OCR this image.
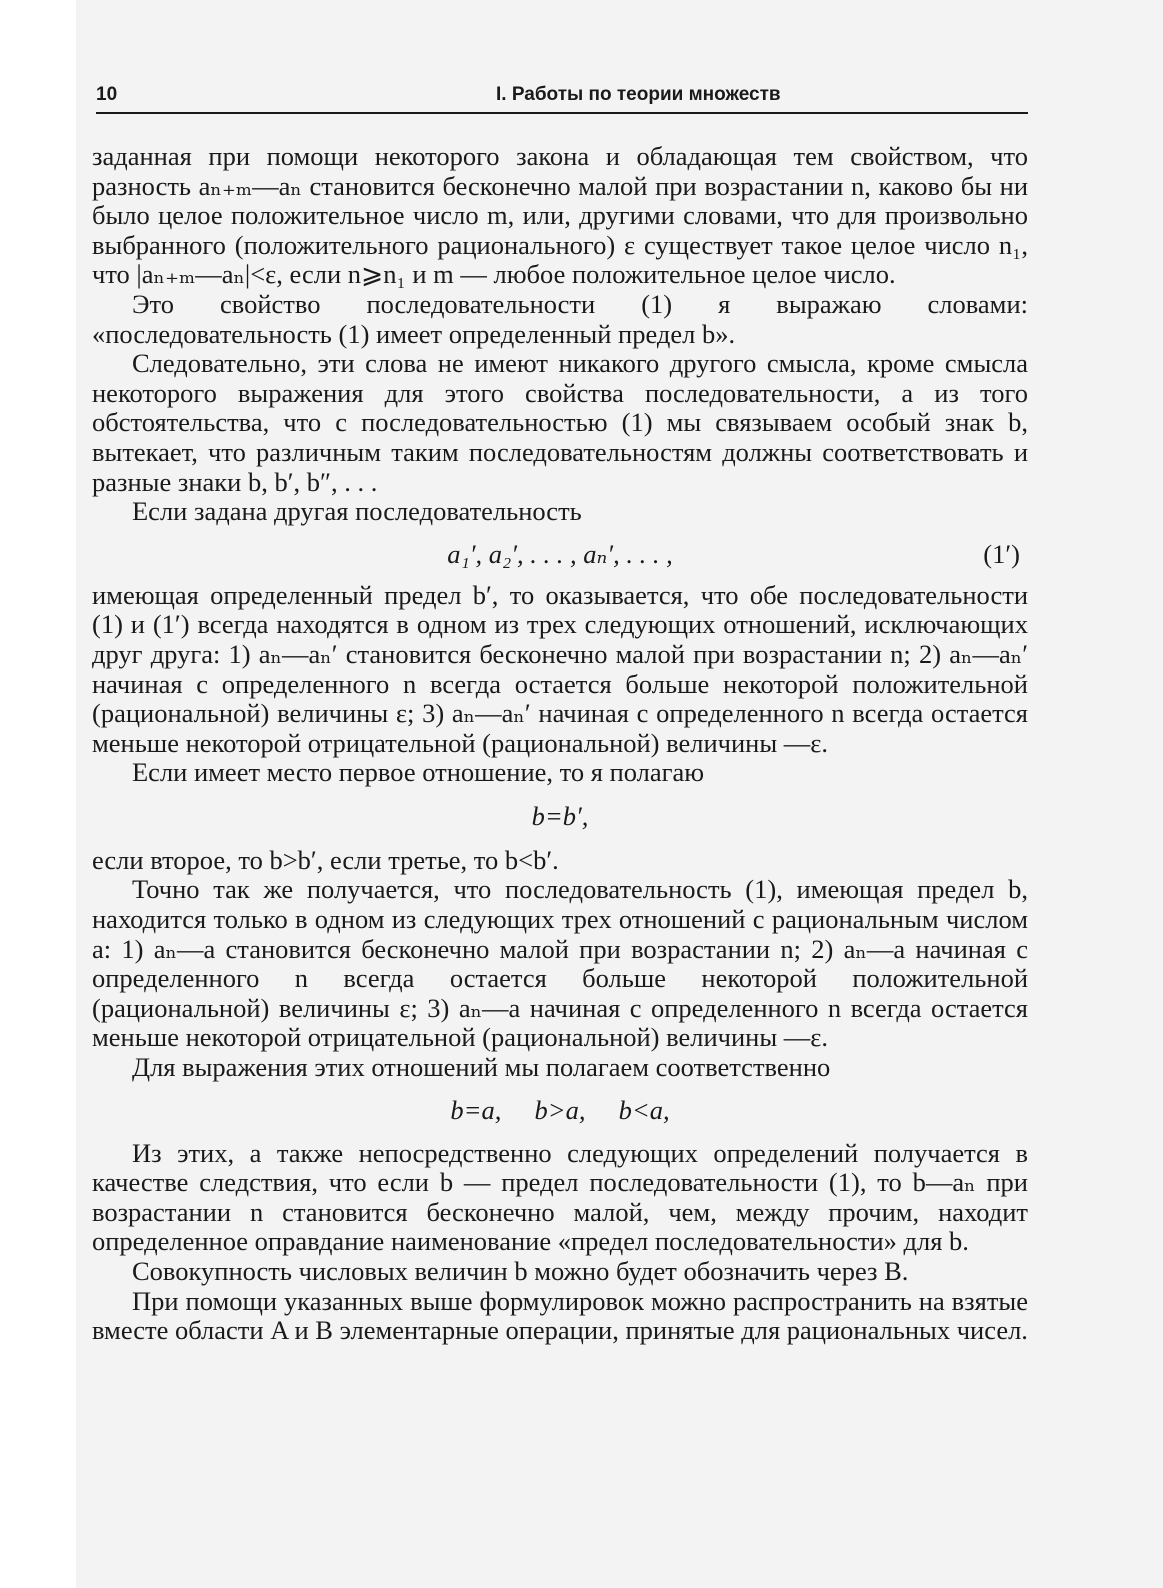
10	I. Работы по теории множеств

заданная при помощи некоторого закона и обладающая тем свойством, что разность aₙ₊ₘ—aₙ становится бесконечно малой при возрастании n, каково бы ни было целое положительное число m, или, другими словами, что для произвольно выбранного (положительного рационального) ε существует такое целое число n₁, что |aₙ₊ₘ—aₙ|<ε, если n⩾n₁ и m — любое положительное целое число.

Это свойство последовательности (1) я выражаю словами: «последовательность (1) имеет определенный предел b».

Следовательно, эти слова не имеют никакого другого смысла, кроме смысла некоторого выражения для этого свойства последовательности, а из того обстоятельства, что с последовательностью (1) мы связываем особый знак b, вытекает, что различным таким последовательностям должны соответствовать и разные знаки b, b′, b″, . . .

Если задана другая последовательность

a₁′, a₂′, . . . , aₙ′, . . . ,	(1′)

имеющая определенный предел b′, то оказывается, что обе последовательности (1) и (1′) всегда находятся в одном из трех следующих отношений, исключающих друг друга: 1) aₙ—aₙ′ становится бесконечно малой при возрастании n; 2) aₙ—aₙ′ начиная с определенного n всегда остается больше некоторой положительной (рациональной) величины ε; 3) aₙ—aₙ′ начиная с определенного n всегда остается меньше некоторой отрицательной (рациональной) величины —ε.

Если имеет место первое отношение, то я полагаю

b=b′,

если второе, то b>b′, если третье, то b<b′.

Точно так же получается, что последовательность (1), имеющая предел b, находится только в одном из следующих трех отношений с рациональным числом a: 1) aₙ—a становится бесконечно малой при возрастании n; 2) aₙ—a начиная с определенного n всегда остается больше некоторой положительной (рациональной) величины ε; 3) aₙ—a начиная с определенного n всегда остается меньше некоторой отрицательной (рациональной) величины —ε.

Для выражения этих отношений мы полагаем соответственно

b=a,     b>a,     b<a,

Из этих, а также непосредственно следующих определений получается в качестве следствия, что если b — предел последовательности (1), то b—aₙ при возрастании n становится бесконечно малой, чем, между прочим, находит определенное оправдание наименование «предел последовательности» для b.

Совокупность числовых величин b можно будет обозначить через B.

При помощи указанных выше формулировок можно распространить на взятые вместе области A и B элементарные операции, принятые для рациональных чисел.
